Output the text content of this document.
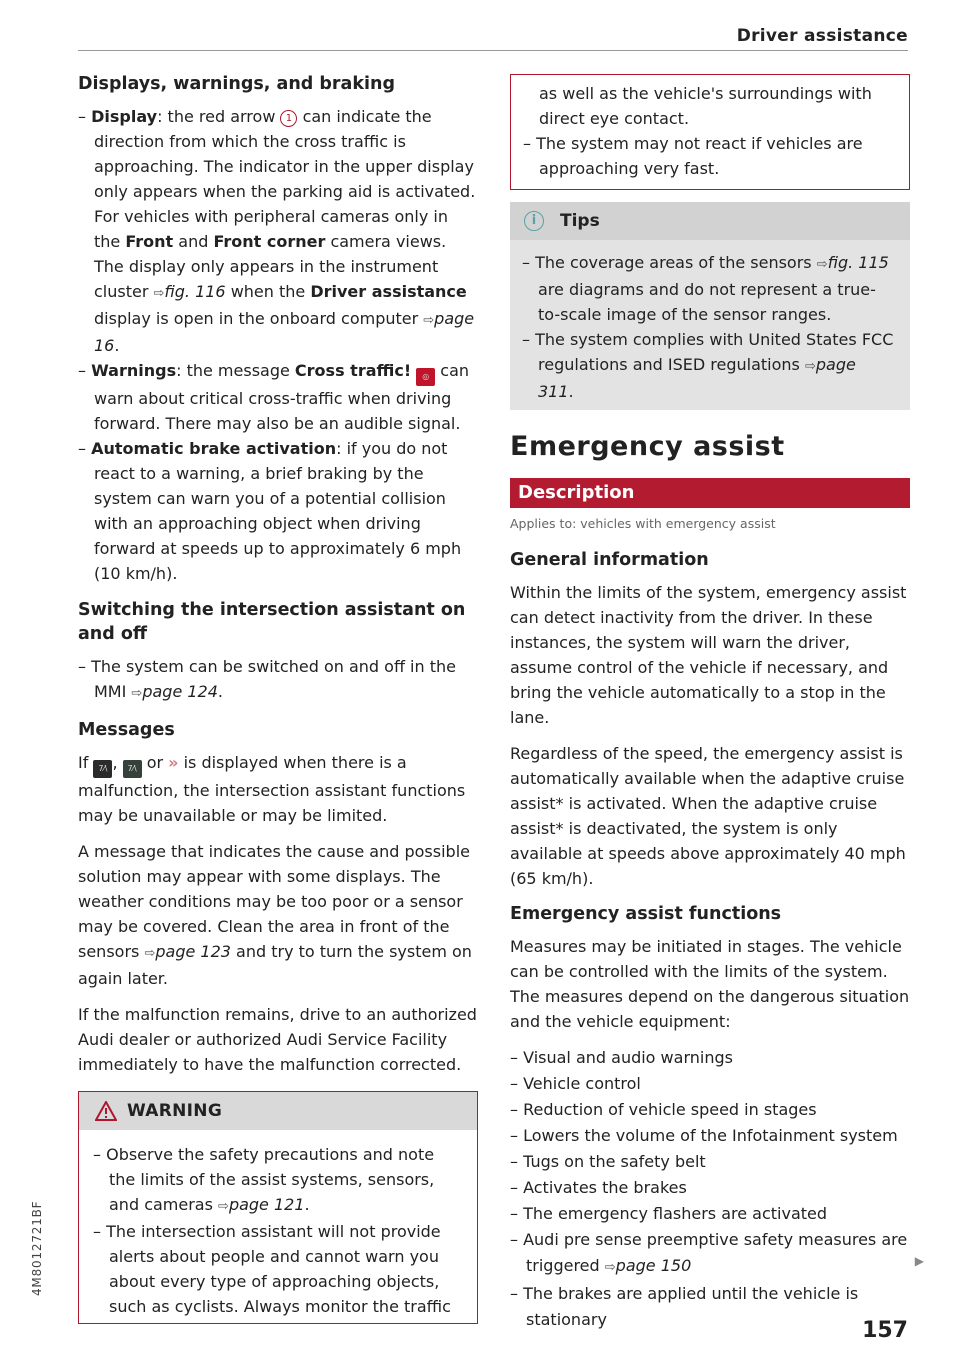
Driver assistance
Displays, warnings, and braking
– Display: the red arrow 1 can indicate the direction from which the cross traffic is approaching. The indicator in the upper display only appears when the parking aid is activated. For vehicles with peripheral cameras only in the Front and Front corner camera views. The display only appears in the instrument cluster ⇨fig. 116 when the Driver assistance display is open in the onboard computer ⇨page 16.
– Warnings: the message Cross traffic! ◎ can warn about critical cross-traffic when driving forward. There may also be an audible signal.
– Automatic brake activation: if you do not react to a warning, a brief braking by the system can warn you of a potential collision with an approaching object when driving forward at speeds up to approximately 6 mph (10 km/h).
Switching the intersection assistant on and off
– The system can be switched on and off in the MMI ⇨page 124.
Messages

If 7⁄\ , 7⁄\ or » is displayed when there is a malfunction, the intersection assistant functions may be unavailable or may be limited.

A message that indicates the cause and possible solution may appear with some displays. The weather conditions may be too poor or a sensor may be covered. Clean the area in front of the sensors ⇨page 123 and try to turn the system on again later.

If the malfunction remains, drive to an authorized Audi dealer or authorized Audi Service Facility immediately to have the malfunction corrected.

WARNING
– Observe the safety precautions and note the limits of the assist systems, sensors, and cameras ⇨page 121.
– The intersection assistant will not provide alerts about people and cannot warn you about every type of approaching objects, such as cyclists. Always monitor the traffic
as well as the vehicle's surroundings with direct eye contact.
– The system may not react if vehicles are approaching very fast.
i	Tips
– The coverage areas of the sensors ⇨fig. 115 are diagrams and do not represent a true-to-scale image of the sensor ranges.
– The system complies with United States FCC regulations and ISED regulations ⇨page 311.
Emergency assist
Description
Applies to: vehicles with emergency assist
General information

Within the limits of the system, emergency assist can detect inactivity from the driver. In these instances, the system will warn the driver, assume control of the vehicle if necessary, and bring the vehicle automatically to a stop in the lane.

Regardless of the speed, the emergency assist is automatically available when the adaptive cruise assist* is activated. When the adaptive cruise assist* is deactivated, the system is only available at speeds above approximately 40 mph (65 km/h).

Emergency assist functions

Measures may be initiated in stages. The vehicle can be controlled with the limits of the system. The measures depend on the dangerous situation and the vehicle equipment:

– Visual and audio warnings
– Vehicle control
– Reduction of vehicle speed in stages
– Lowers the volume of the Infotainment system
– Tugs on the safety belt
– Activates the brakes
– The emergency flashers are activated
– Audi pre sense preemptive safety measures are triggered ⇨page 150
– The brakes are applied until the vehicle is stationary
▶
157
4M8012721BF
